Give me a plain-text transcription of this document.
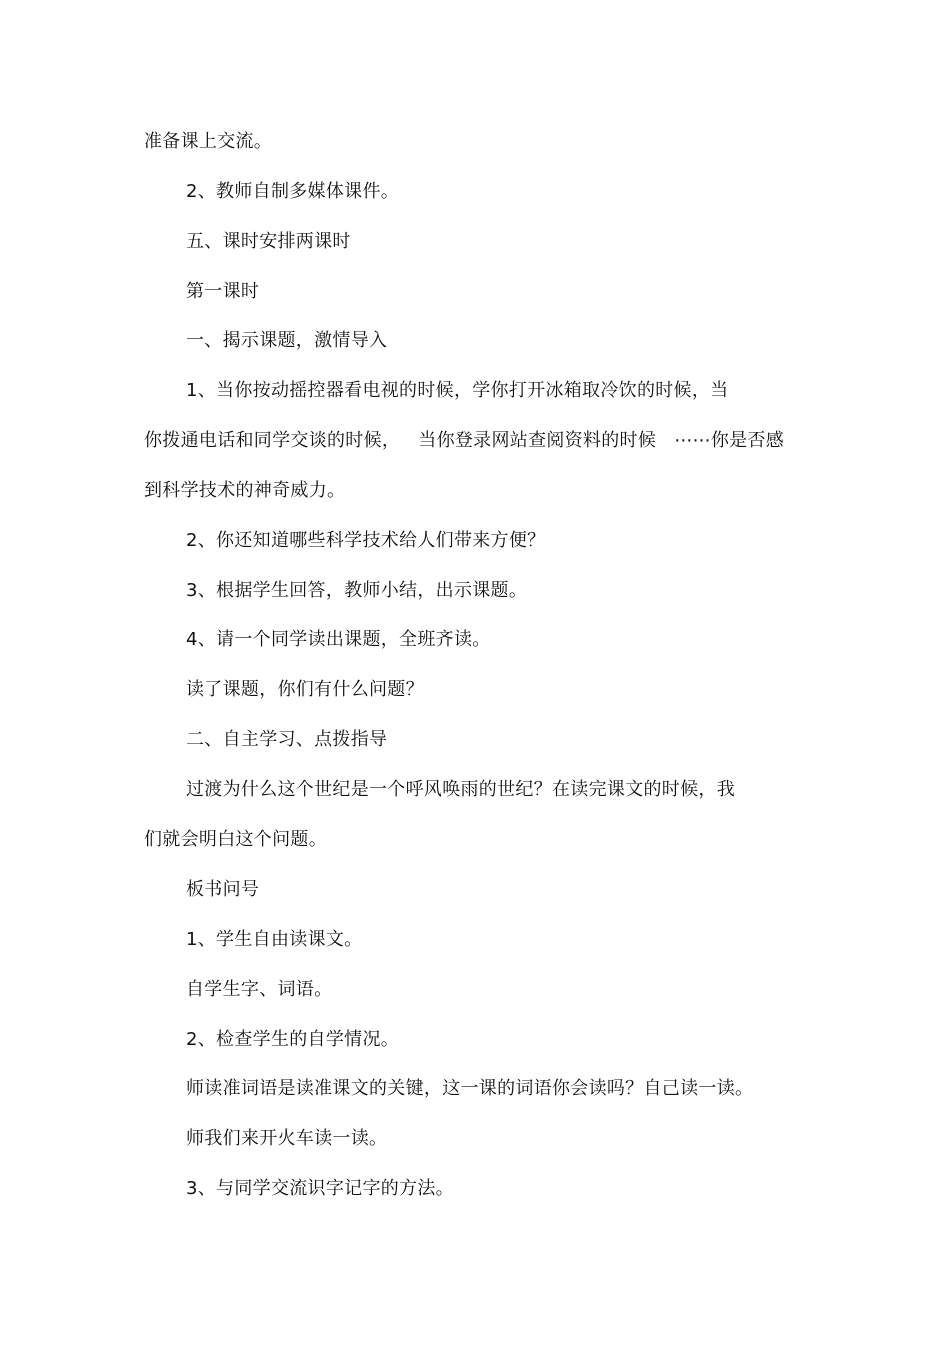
准备课上交流。
2、教师自制多媒体课件。
五、课时安排两课时
第一课时
一、揭示课题，激情导入
1、当你按动摇控器看电视的时候，学你打开冰箱取冷饮的时候，当
你拨通电话和同学交谈的时候，   当你登录网站查阅资料的时候   ⋯⋯你是否感
到科学技术的神奇威力。
2、你还知道哪些科学技术给人们带来方便？
3、根据学生回答，教师小结，出示课题。
4、请一个同学读出课题，全班齐读。
读了课题，你们有什么问题？
二、自主学习、点拨指导
过渡为什么这个世纪是一个呼风唤雨的世纪？在读完课文的时候，我
们就会明白这个问题。
板书问号
1、学生自由读课文。
自学生字、词语。
2、检查学生的自学情况。
师读准词语是读准课文的关键，这一课的词语你会读吗？自己读一读。
师我们来开火车读一读。
3、与同学交流识字记字的方法。
